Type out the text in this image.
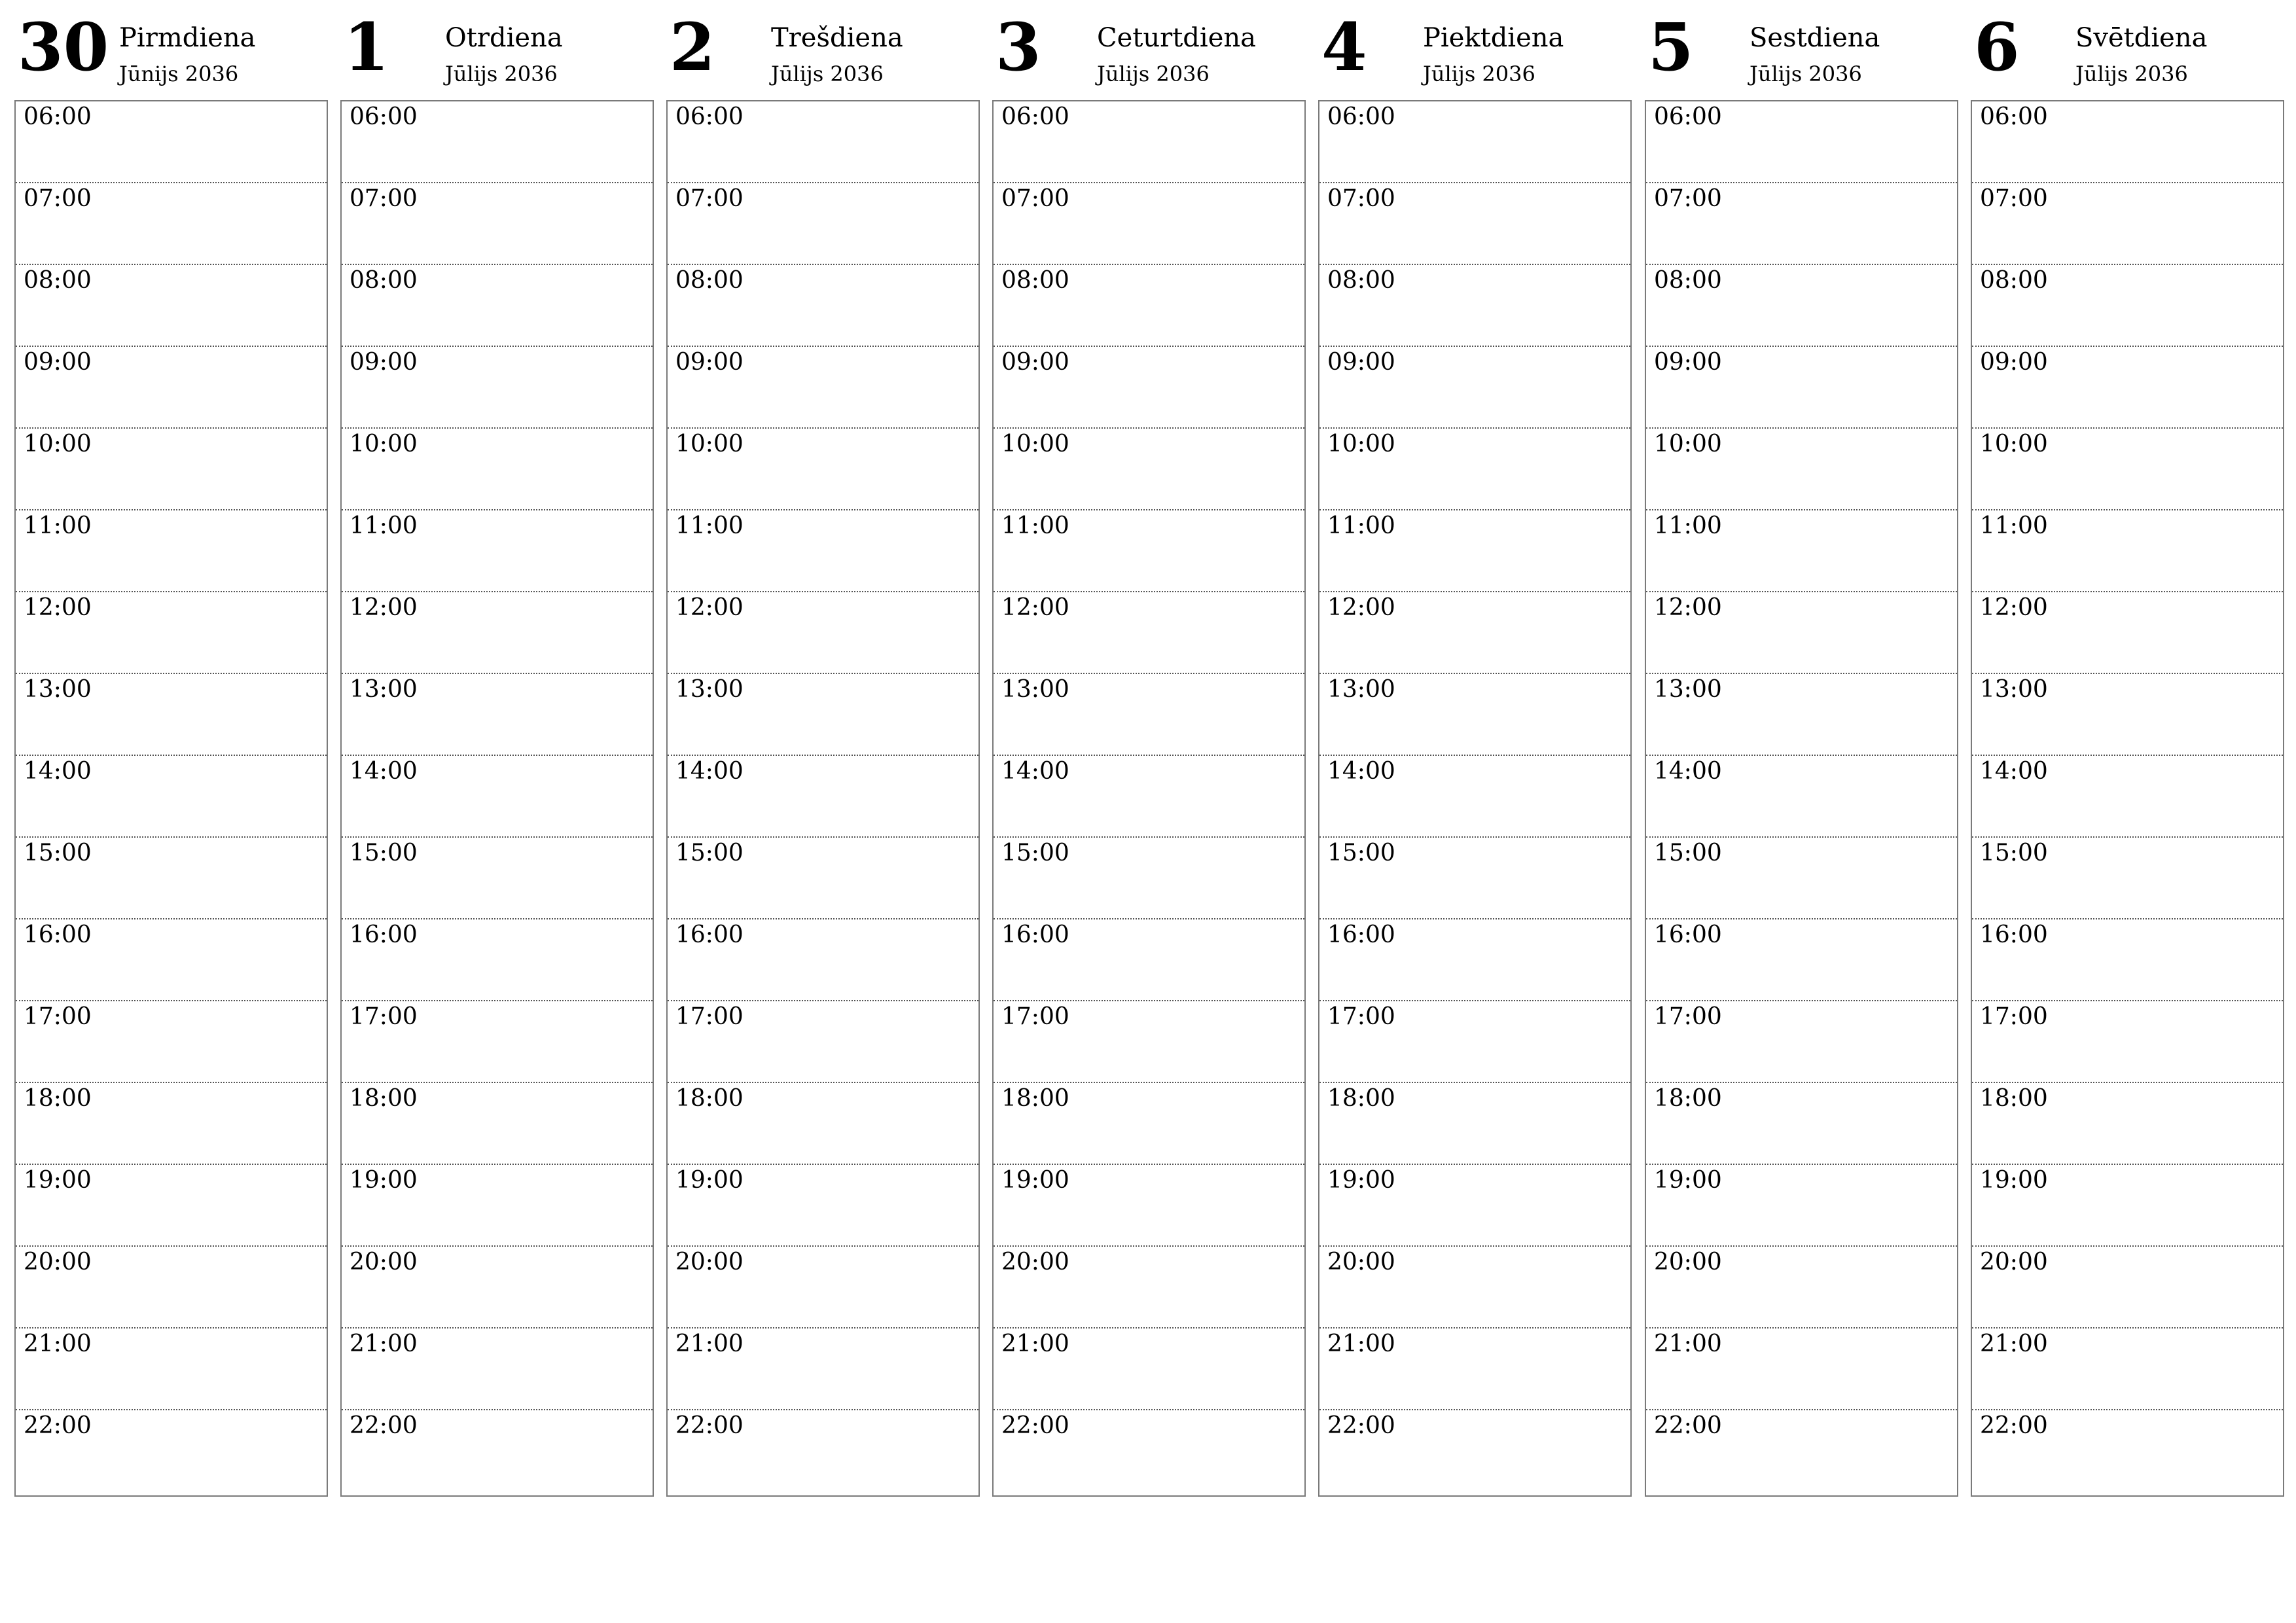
30 Pirmdiena
Jūnijs 2036
06:00
07:00
08:00
09:00
10:00
11:00
12:00
13:00
14:00
15:00
16:00
17:00
18:00
19:00
20:00
21:00
22:00
1 Otrdiena
Jūlijs 2036
06:00
07:00
08:00
09:00
10:00
11:00
12:00
13:00
14:00
15:00
16:00
17:00
18:00
19:00
20:00
21:00
22:00
2 Trešdiena
Jūlijs 2036
06:00
07:00
08:00
09:00
10:00
11:00
12:00
13:00
14:00
15:00
16:00
17:00
18:00
19:00
20:00
21:00
22:00
3 Ceturtdiena
Jūlijs 2036
06:00
07:00
08:00
09:00
10:00
11:00
12:00
13:00
14:00
15:00
16:00
17:00
18:00
19:00
20:00
21:00
22:00
4 Piektdiena
Jūlijs 2036
06:00
07:00
08:00
09:00
10:00
11:00
12:00
13:00
14:00
15:00
16:00
17:00
18:00
19:00
20:00
21:00
22:00
5 Sestdiena
Jūlijs 2036
06:00
07:00
08:00
09:00
10:00
11:00
12:00
13:00
14:00
15:00
16:00
17:00
18:00
19:00
20:00
21:00
22:00
6 Svētdiena
Jūlijs 2036
06:00
07:00
08:00
09:00
10:00
11:00
12:00
13:00
14:00
15:00
16:00
17:00
18:00
19:00
20:00
21:00
22:00
